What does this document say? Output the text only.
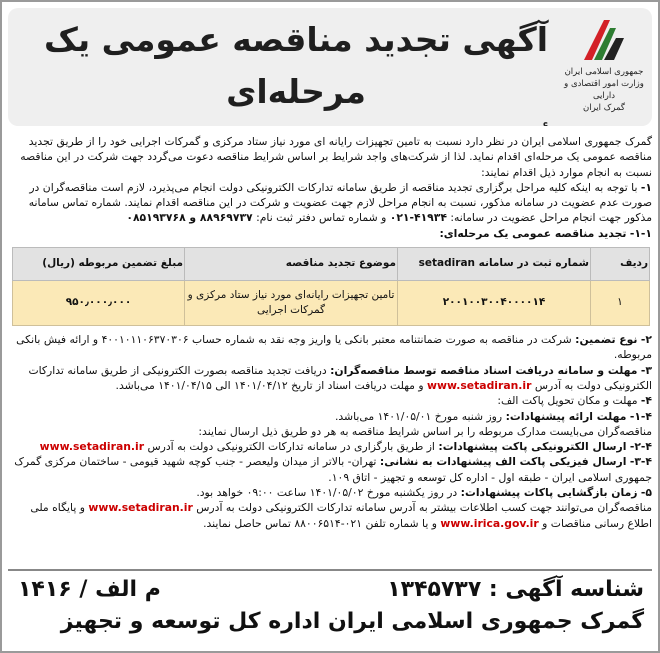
آگهی تجدید مناقصه عمومی یک مرحله‌ای	جمهوری اسلامی ایران
وزارت امور اقتصادی و دارایی
گمرک ایران

گمرک جمهوری اسلامی ایران در نظر دارد نسبت به تامین تجهیزات رایانه ای مورد نیاز ستاد مرکزی و گمرکات اجرایی خود را از طریق تجدید مناقصه عمومی یک مرحله‌ای اقدام نماید. لذا از شرکت‌های واجد شرایط بر اساس شرایط مناقصه دعوت می‌گردد جهت شرکت در این مناقصه نسبت به انجام موارد ذیل اقدام نمایند:

۱- با توجه به اینکه کلیه مراحل برگزاری تجدید مناقصه از طریق سامانه تدارکات الکترونیکی دولت انجام می‌پذیرد، لازم است مناقصه‌گران در صورت عدم عضویت در سامانه مذکور، نسبت به انجام مراحل لازم جهت عضویت و شرکت در این مناقصه اقدام نمایند. شماره تماس سامانه مذکور جهت انجام مراحل عضویت در سامانه: ۰۲۱-۴۱۹۳۴ و شماره تماس دفتر ثبت نام: ۸۸۹۶۹۷۳۷ و ۰۸۵۱۹۳۷۶۸

۱-۱- تجدید مناقصه عمومی یک مرحله‌ای:

ردیف	شماره ثبت در سامانه setadiran	موضوع تجدید مناقصه	مبلغ تضمین مربوطه (ریال)
۱	۲۰۰۱۰۰۳۰۰۴۰۰۰۰۱۴	تامین تجهیزات رایانه‌ای مورد نیاز ستاد مرکزی و گمرکات اجرایی	۹۵۰٫۰۰۰٫۰۰۰

۲- نوع تضمین: شرکت در مناقصه به صورت ضمانتنامه معتبر بانکی یا واریز وجه نقد به شماره حساب ۴۰۰۱۰۱۱۰۶۳۷۰۳۰۶ و ارائه فیش بانکی مربوطه.

۳- مهلت و سامانه دریافت اسناد مناقصه توسط مناقصه‌گران: دریافت تجدید مناقصه بصورت الکترونیکی از طریق سامانه تدارکات الکترونیکی دولت به آدرس www.setadiran.ir و مهلت دریافت اسناد از تاریخ ۱۴۰۱/۰۴/۱۲ الی ۱۴۰۱/۰۴/۱۵ می‌باشد.

۴- مهلت و مکان تحویل پاکت الف:

۱-۴- مهلت ارائه پیشنهادات: روز شنبه مورخ ۱۴۰۱/۰۵/۰۱ می‌باشد.

مناقصه‌گران می‌بایست مدارک مربوطه را بر اساس شرایط مناقصه به هر دو طریق ذیل ارسال نمایند:

۲-۴- ارسال الکترونیکی پاکت پیشنهادات: از طریق بارگزاری در سامانه تدارکات الکترونیکی دولت به آدرس www.setadiran.ir

۳-۴- ارسال فیزیکی پاکت الف پیشنهادات به نشانی: تهران- بالاتر از میدان ولیعصر - جنب کوچه شهید قیومی - ساختمان مرکزی گمرک جمهوری اسلامی ایران - طبقه اول - اداره کل توسعه و تجهیز - اتاق ۱۰۹.

۵- زمان بازگشایی پاکات پیشنهادات: در روز یکشنبه مورخ ۱۴۰۱/۰۵/۰۲ ساعت ۰۹:۰۰ خواهد بود.

مناقصه‌گران می‌توانند جهت کسب اطلاعات بیشتر به آدرس سامانه تدارکات الکترونیکی دولت به آدرس www.setadiran.ir و پایگاه ملی اطلاع رسانی مناقصات و www.irica.gov.ir و یا شماره تلفن ۰۲۱-۸۸۰۰۶۵۱۴ تماس حاصل نمایند.

شناسه آگهی : ۱۳۴۵۷۳۷
م الف / ۱۴۱۶
گمرک جمهوری اسلامی ایران اداره کل توسعه و تجهیز
